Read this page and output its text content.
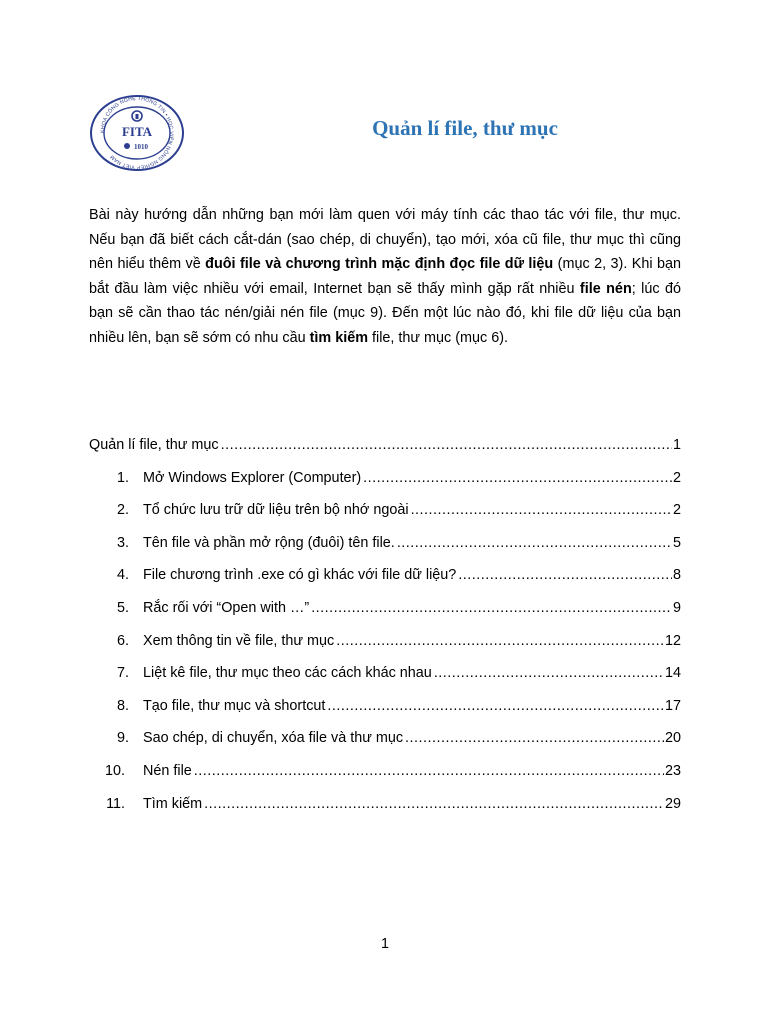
KHOA CÔNG NGHỆ THÔNG TIN • HỌC VIỆN NÔNG NGHIỆP VIỆT NAM
FITA
1010
Quản lí file, thư mục
Bài này hướng dẫn những bạn mới làm quen với máy tính các thao tác với file, thư mục. Nếu bạn đã biết cách cắt-dán (sao chép, di chuyển), tạo mới, xóa cũ file, thư mục thì cũng nên hiểu thêm về đuôi file và chương trình mặc định đọc file dữ liệu (mục 2, 3). Khi bạn bắt đầu làm việc nhiều với email, Internet bạn sẽ thấy mình gặp rất nhiều file nén; lúc đó bạn sẽ cần thao tác nén/giải nén file (mục 9). Đến một lúc nào đó, khi file dữ liệu của bạn nhiều lên, bạn sẽ sớm có nhu cầu tìm kiếm file, thư mục (mục 6).
Quản lí file, thư mục .....	1
1. Mở Windows Explorer (Computer) .....	2
2. Tổ chức lưu trữ dữ liệu trên bộ nhớ ngoài .....	2
3. Tên file và phần mở rộng (đuôi) tên file. .....	5
4. File chương trình .exe có gì khác với file dữ liệu? .....	8
5. Rắc rối với “Open with …” .....	9
6. Xem thông tin về file, thư mục .....	12
7. Liệt kê file, thư mục theo các cách khác nhau .....	14
8. Tạo file, thư mục và shortcut .....	17
9. Sao chép, di chuyển, xóa file và thư mục .....	20
10.	Nén file .....	23
11.	Tìm kiếm .....	29
1
